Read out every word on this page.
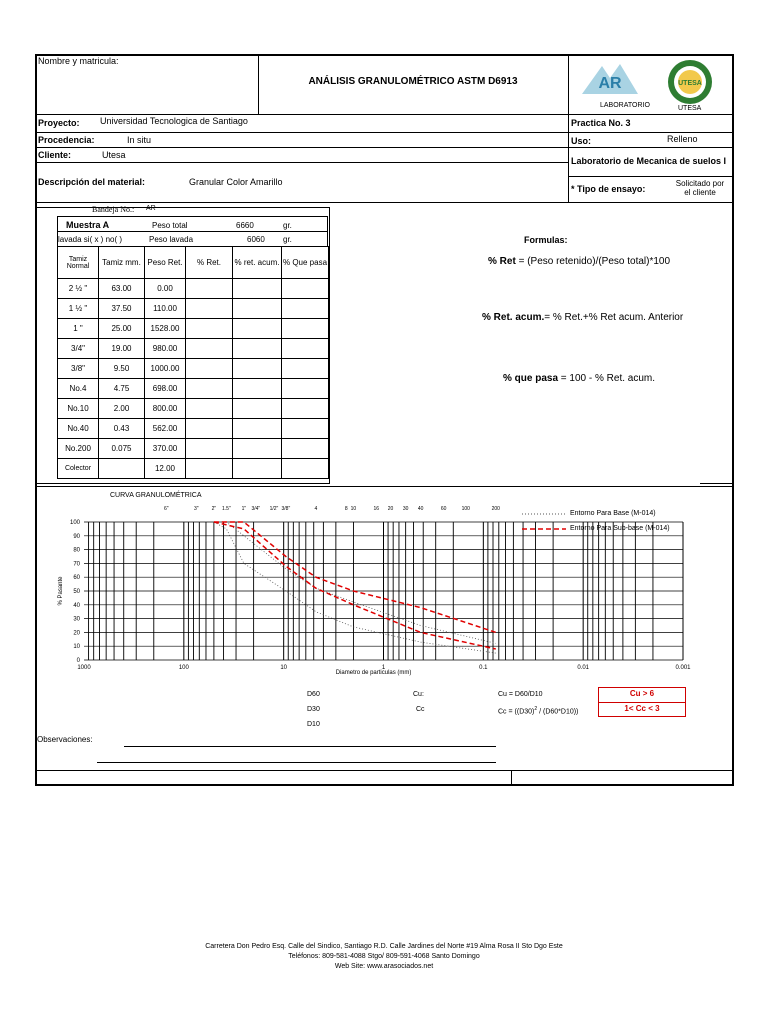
Nombre y matricula:
ANÁLISIS GRANULOMÉTRICO ASTM D6913	AR
LABORATORIO
UTESA
UTESA
Proyecto: Universidad Tecnologica de Santiago
Procedencia:	In situ
Cliente:	Utesa
Descripción del material:	Granular Color Amarillo
Practica No. 3
Uso:	Relleno
Laboratorio de Mecanica de suelos I
* Tipo de ensayo:
Solicitado por
el cliente
Bandeja No.: AR
Muestra A	Peso total	6660	gr.
lavada si( x ) no( )	Peso lavada	6060 gr.
Tamiz Normal	Tamiz mm.	Peso Ret.	% Ret.	% ret. acum.	% Que pasa
2 ½ "	63.00	0.00			
1 ½ "	37.50	110.00			
1 "	25.00	1528.00			
3/4"	19.00	980.00			
3/8"	9.50	1000.00			
No.4	4.75	698.00			
No.10	2.00	800.00			
No.40	0.43	562.00			
No.200	0.075	370.00			
Colector		12.00			
Formulas:
% Ret = (Peso retenido)/(Peso total)*100
% Ret. acum.= % Ret.+% Ret acum. Anterior
% que pasa = 100 - % Ret. acum.
CURVA GRANULOMÉTRICA
0
10
20
30
40
50
60
70
80
90
100
1000	100	10	1	0.1	0.01	0.001
6"	3"	2" 1.5" 1" 3/4" 1/2" 3/8"	4	8 10	16 20 30 40	60	100	200
% Pasante
Diametro de particulas (mm)
Entorno Para Base (M-014)
Entorno Para Sub-base (M-014)
D60
D30
D10
Cu:
Cc
Cu = D60/D10
$Cc = ((D30)^2 / (D60*D10))$
Cu > 6
1< Cc < 3
Observaciones:
Carretera Don Pedro Esq. Calle del Sindico, Santiago R.D. Calle Jardines del Norte #19 Alma Rosa II Sto Dgo Este
Teléfonos: 809-581-4088 Stgo/ 809-591-4068 Santo Domingo
Web Site: www.arasociados.net
